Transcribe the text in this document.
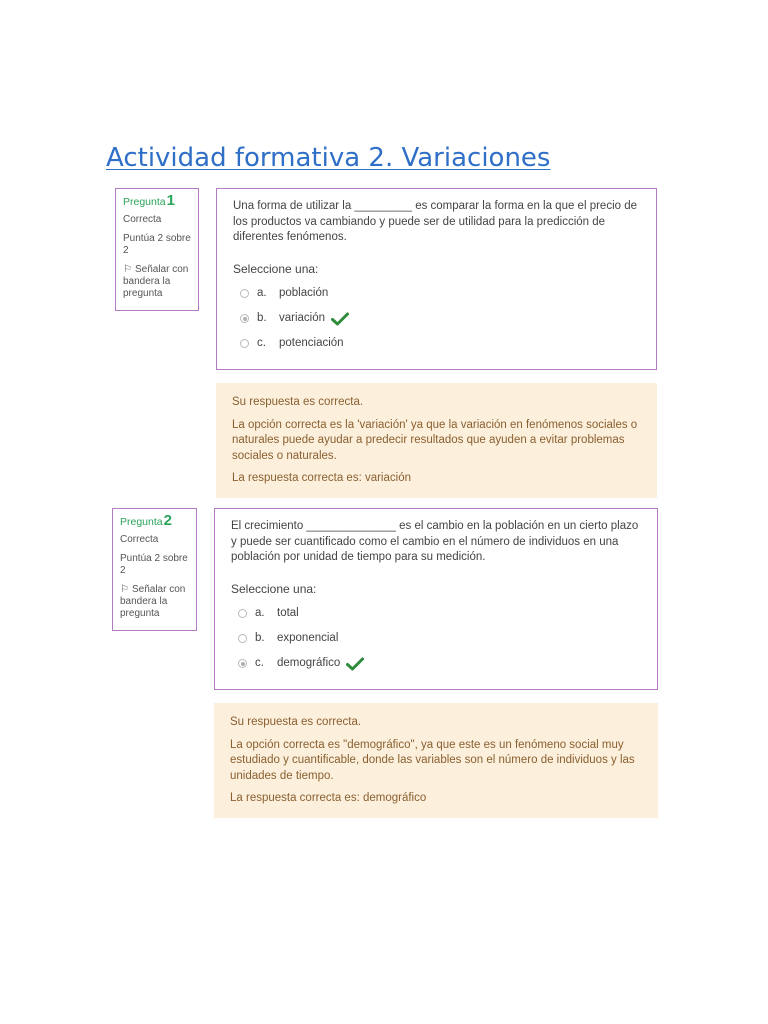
Actividad formativa 2. Variaciones
Pregunta1
Correcta
Puntúa 2 sobre 2
⚐ Señalar con bandera la pregunta
Una forma de utilizar la _________ es comparar la forma en la que el precio de los productos va cambiando y puede ser de utilidad para la predicción de diferentes fenómenos.
Seleccione una:
a.	población
b.	variación
c.	potenciación
Su respuesta es correcta.
La opción correcta es la 'variación' ya que la variación en fenómenos sociales o naturales puede ayudar a predecir resultados que ayuden a evitar problemas sociales o naturales.
La respuesta correcta es: variación
Pregunta2
Correcta
Puntúa 2 sobre 2
⚐ Señalar con bandera la pregunta
El crecimiento ______________ es el cambio en la población en un cierto plazo y puede ser cuantificado como el cambio en el número de individuos en una población por unidad de tiempo para su medición.
Seleccione una:
a.	total
b.	exponencial
c.	demográfico
Su respuesta es correcta.
La opción correcta es "demográfico", ya que este es un fenómeno social muy estudiado y cuantificable, donde las variables son el número de individuos y las unidades de tiempo.
La respuesta correcta es: demográfico
